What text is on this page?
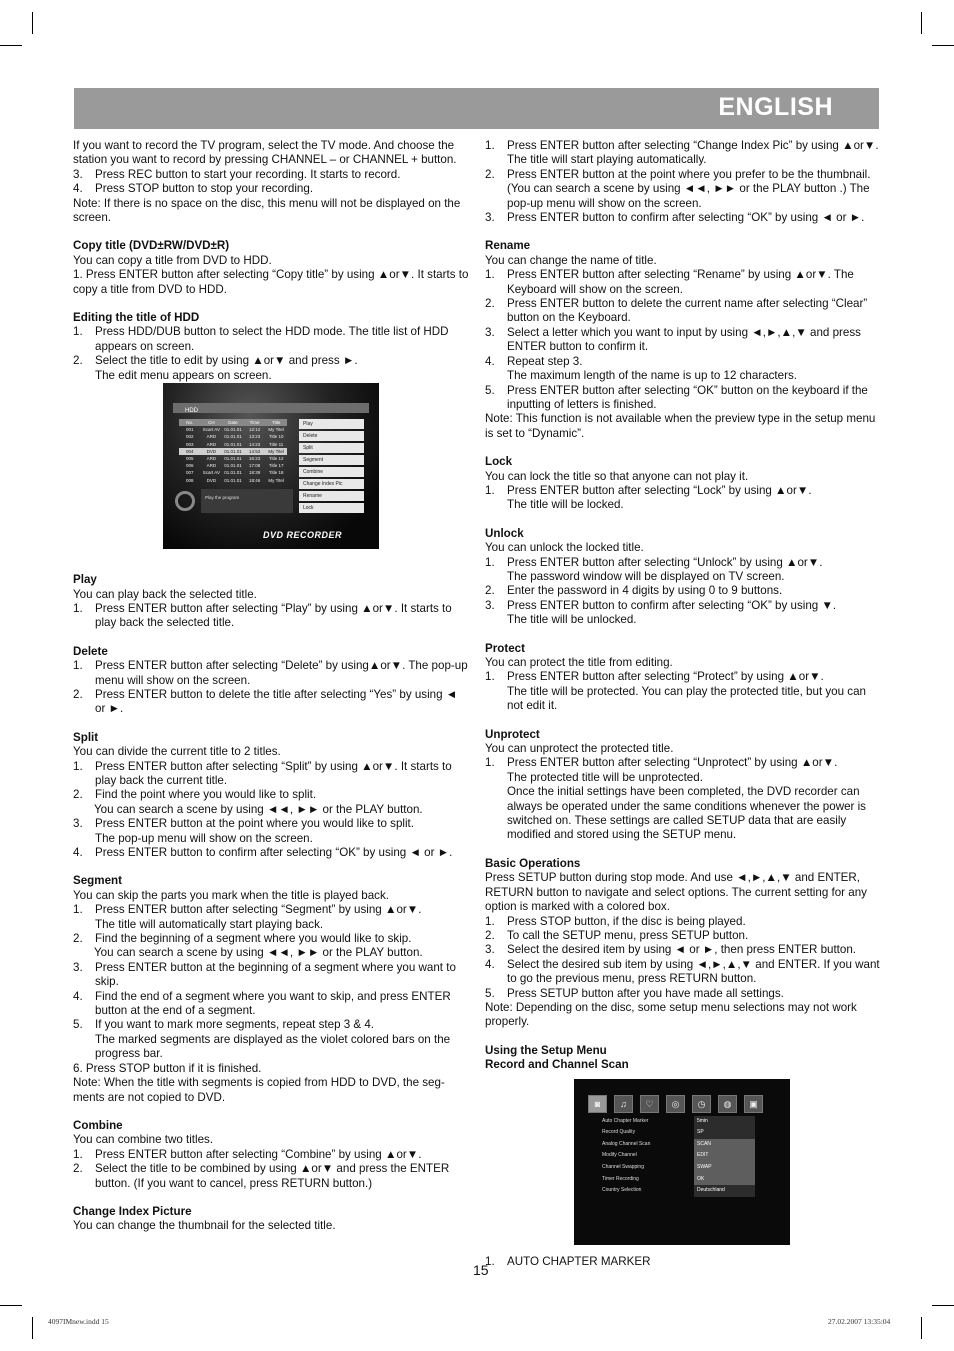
ENGLISH

If you want to record the TV program, select the TV mode. And choose the station you want to record by pressing CHANNEL – or CHANNEL + button.

3.	Press REC button to start your recording. It starts to record.
4.	Press STOP button to stop your recording.

Note: If there is no space on the disc, this menu will not be displayed on the screen.

Copy title (DVD±RW/DVD±R)

You can copy a title from DVD to HDD.

1. Press ENTER button after selecting “Copy title” by using ▲or▼. It starts to copy a title from DVD to HDD.

Editing the title of HDD
1.	Press HDD/DUB button to select the HDD mode. The title list of HDD appears on screen.
2.	Select the title to edit by using ▲or▼ and press ►.

The edit menu appears on screen.

HDD
No.	CH	Date	Time	Title
001	Scart AV 01.01.01	12:12	My Titel
002	ARD	01.01.01	13:23	Title 10
003	ARD	01.01.01	14:23	Title 11
004	DVD	01.01.01	14:52	My Titel
005	ARD	01.01.01	16:23	Title 12
006	ARD	01.01.01	17:08	Title 17
007	Scart AV 01.01.01	18:39	Title 18
008	DVD	01.01.01	18:46	My Titel
Play
Delete
Split
Segment
Combine
Change Index Pic
Rename
Lock
Play the program
DVD RECORDER
Play

You can play back the selected title.

1.	Press ENTER button after selecting “Play” by using ▲or▼. It starts to play back the selected title.
Delete
1.	Press ENTER button after selecting “Delete” by using▲or▼. The pop-up menu will show on the screen.
2.	Press ENTER button to delete the title after selecting “Yes” by using ◄ or ►.
Split

You can divide the current title to 2 titles.

1.	Press ENTER button after selecting “Split” by using ▲or▼. It starts to play back the current title.
2.	Find the point where you would like to split.

You can search a scene by using ◄◄, ►► or the PLAY button.

3.	Press ENTER button at the point where you would like to split.

The pop-up menu will show on the screen.

4.	Press ENTER button to confirm after selecting “OK” by using ◄ or ►.
Segment

You can skip the parts you mark when the title is played back.

1.	Press ENTER button after selecting “Segment” by using ▲or▼.

The title will automatically start playing back.

2.	Find the beginning of a segment where you would like to skip.

You can search a scene by using ◄◄, ►► or the PLAY button.

3.	Press ENTER button at the beginning of a segment where you want to skip.
4.	Find the end of a segment where you want to skip, and press ENTER button at the end of a segment.
5.	If you want to mark more segments, repeat step 3 & 4.

The marked segments are displayed as the violet colored bars on the progress bar.

6. Press STOP button if it is finished.

Note: When the title with segments is copied from HDD to DVD, the seg-ments are not copied to DVD.

Combine

You can combine two titles.

1.	Press ENTER button after selecting “Combine” by using ▲or▼.
2.	Select the title to be combined by using ▲or▼ and press the ENTER button. (If you want to cancel, press RETURN button.)
Change Index Picture

You can change the thumbnail for the selected title.

1.	Press ENTER button after selecting “Change Index Pic” by using ▲or▼.

The title will start playing automatically.

2.	Press ENTER button at the point where you prefer to be the thumbnail.

(You can search a scene by using ◄◄, ►► or the PLAY button .) The pop-up menu will show on the screen.

3.	Press ENTER button to confirm after selecting “OK” by using ◄ or ►.
Rename

You can change the name of title.

1.	Press ENTER button after selecting “Rename” by using ▲or▼. The Keyboard will show on the screen.
2.	Press ENTER button to delete the current name after selecting “Clear” button on the Keyboard.
3.	Select a letter which you want to input by using ◄,►,▲,▼ and press ENTER button to confirm it.
4.	Repeat step 3.

The maximum length of the name is up to 12 characters.

5.	Press ENTER button after selecting “OK” button on the keyboard if the inputting of letters is finished.

Note: This function is not available when the preview type in the setup menu is set to “Dynamic”.

Lock

You can lock the title so that anyone can not play it.

1.	Press ENTER button after selecting “Lock” by using ▲or▼.

The title will be locked.

Unlock

You can unlock the locked title.

1.	Press ENTER button after selecting “Unlock” by using ▲or▼.

The password window will be displayed on TV screen.

2.	Enter the password in 4 digits by using 0 to 9 buttons.
3.	Press ENTER button to confirm after selecting “OK” by using ▼.

The title will be unlocked.

Protect

You can protect the title from editing.

1.	Press ENTER button after selecting “Protect” by using ▲or▼.

The title will be protected. You can play the protected title, but you can not edit it.

Unprotect

You can unprotect the protected title.

1.	Press ENTER button after selecting “Unprotect” by using ▲or▼.

The protected title will be unprotected.

Once the initial settings have been completed, the DVD recorder can always be operated under the same conditions whenever the power is switched on. These settings are called SETUP data that are easily modified and stored using the SETUP menu.

Basic Operations

Press SETUP button during stop mode. And use ◄,►,▲,▼ and ENTER, RETURN button to navigate and select options. The current setting for any option is marked with a colored box.

1.	Press STOP button, if the disc is being played.
2.	To call the SETUP menu, press SETUP button.
3.	Select the desired item by using ◄ or ►, then press ENTER button.
4.	Select the desired sub item by using ◄,►,▲,▼ and ENTER. If you want to go the previous menu, press RETURN button.
5.	Press SETUP button after you have made all settings.

Note: Depending on the disc, some setup menu selections may not work properly.

Using the Setup Menu
Record and Channel Scan
◙	♫	♡	◎	◷	◍	▣
Auto Chapter Marker	5min
Record Quality	SP
Analog Channel Scan	SCAN
Modify Channel	EDIT
Channel Swapping	SWAP
Timer Recording	OK
Country Selection	Deutschland
1.	AUTO CHAPTER MARKER
15
4097IMnew.indd 15	27.02.2007 13:35:04
